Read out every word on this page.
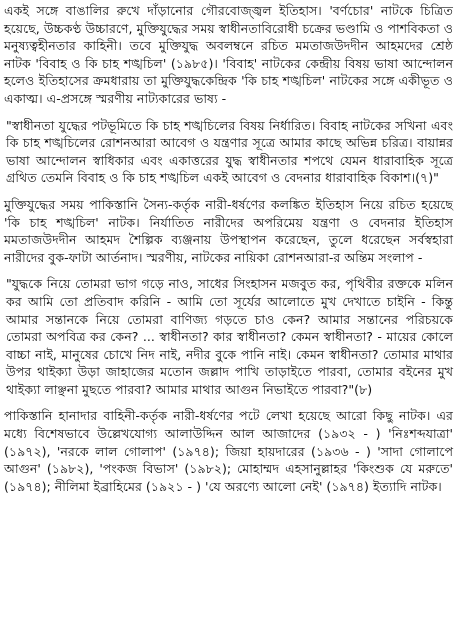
একই সঙ্গে বাঙালির রুখে দাঁড়ানোর গৌরবোজ্জ্বল ইতিহাস। 'বর্ণচোর' নাটকে চিত্রিত হয়েছে, উচ্চকণ্ঠ উচ্চারণে, মুক্তিযুদ্ধের সময় স্বাধীনতাবিরোধী চক্রের ভণ্ডামি ও পাশবিকতা ও মনুষ্যত্বহীনতার কাহিনী। তবে মুক্তিযুদ্ধ অবলম্বনে রচিত মমতাজউদদীন আহমদের শ্রেষ্ঠ নাটক 'বিবাহ ও কি চাহ শঙ্খচিল' (১৯৮৫)। 'বিবাহ' নাটকের কেন্দ্রীয় বিষয় ভাষা আন্দোলন হলেও ইতিহাসের ক্রমধারায় তা মুক্তিযুদ্ধকেন্দ্রিক 'কি চাহ শঙ্খচিল' নাটকের সঙ্গে একীভূত ও একাত্ম। এ-প্রসঙ্গে স্মরণীয় নাট্যকারের ভাষ্য -

"স্বাধীনতা যুদ্ধের পটভূমিতে কি চাহ শঙ্খচিলের বিষয় নির্ধারিত। বিবাহ নাটকের সখিনা এবং কি চাহ শঙ্খচিলের রোশনআরা আবেগ ও যন্ত্রণার সূত্রে আমার কাছে অভিন্ন চরিত্র। বায়ান্নর ভাষা আন্দোলন স্বাধিকার এবং একাত্তরের যুদ্ধ স্বাধীনতার শপথে যেমন ধারাবাহিক সূত্রে গ্রথিত তেমনি বিবাহ ও কি চাহ শঙ্খচিল একই আবেগ ও বেদনার ধারাবাহিক বিকাশ।(৭)"

মুক্তিযুদ্ধের সময় পাকিস্তানি সৈন্য-কর্তৃক নারী-ধর্ষণের কলঙ্কিত ইতিহাস নিয়ে রচিত হয়েছে 'কি চাহ শঙ্খচিল' নাটক। নির্যাতিত নারীদের অপরিমেয় যন্ত্রণা ও বেদনার ইতিহাস মমতাজউদদীন আহমদ শৈল্পিক ব্যঞ্জনায় উপস্থাপন করেছেন, তুলে ধরেছেন সর্বস্বহারা নারীদের বুক-ফাটা আর্তনাদ। স্মরণীয়, নাটকের নায়িকা রোশনআরা-র অন্তিম সংলাপ -

"যুদ্ধকে নিয়ে তোমরা ভাগ গড়ে নাও, সাধের সিংহাসন মজবুত কর, পৃথিবীর রক্তকে মলিন কর আমি তো প্রতিবাদ করিনি - আমি তো সূর্যের আলোতে মুখ দেখাতে চাইনি - কিন্তু আমার সন্তানকে নিয়ে তোমরা বাণিজ্য গড়তে চাও কেন? আমার সন্তানের পরিচয়কে তোমরা অপবিত্র কর কেন? ... স্বাধীনতা? কার স্বাধীনতা? কেমন স্বাধীনতা? - মায়ের কোলে বাচ্চা নাই, মানুষের চোখে নিদ নাই, নদীর বুকে পানি নাই। কেমন স্বাধীনতা? তোমার মাথার উপর থাইক্যা উড়া জাহাজের মতোন জল্লাদ পাখি তাড়াইতে পারবা, তোমার বইনের মুখ থাইক্যা লাঞ্ছনা মুছতে পারবা? আমার মাথার আগুন নিভাইতে পারবা?"(৮)

পাকিস্তানি হানাদার বাহিনী-কর্তৃক নারী-ধর্ষণের পটে লেখা হয়েছে আরো কিছু নাটক। এর মধ্যে বিশেষভাবে উল্লেখযোগ্য আলাউদ্দিন আল আজাদের (১৯৩২ - ) 'নিঃশব্দযাত্রা' (১৯৭২), 'নরকে লাল গোলাপ' (১৯৭৪); জিয়া হায়দারের (১৯৩৬ - ) 'সাদা গোলাপে আগুন' (১৯৮২), 'পংকজ বিভাস' (১৯৮২); মোহাম্মদ এহসানুল্লাহর 'কিংশুক যে মরুতে' (১৯৭৪); নীলিমা ইব্রাহিমের (১৯২১ - ) 'যে অরণ্যে আলো নেই' (১৯৭৪) ইত্যাদি নাটক।
